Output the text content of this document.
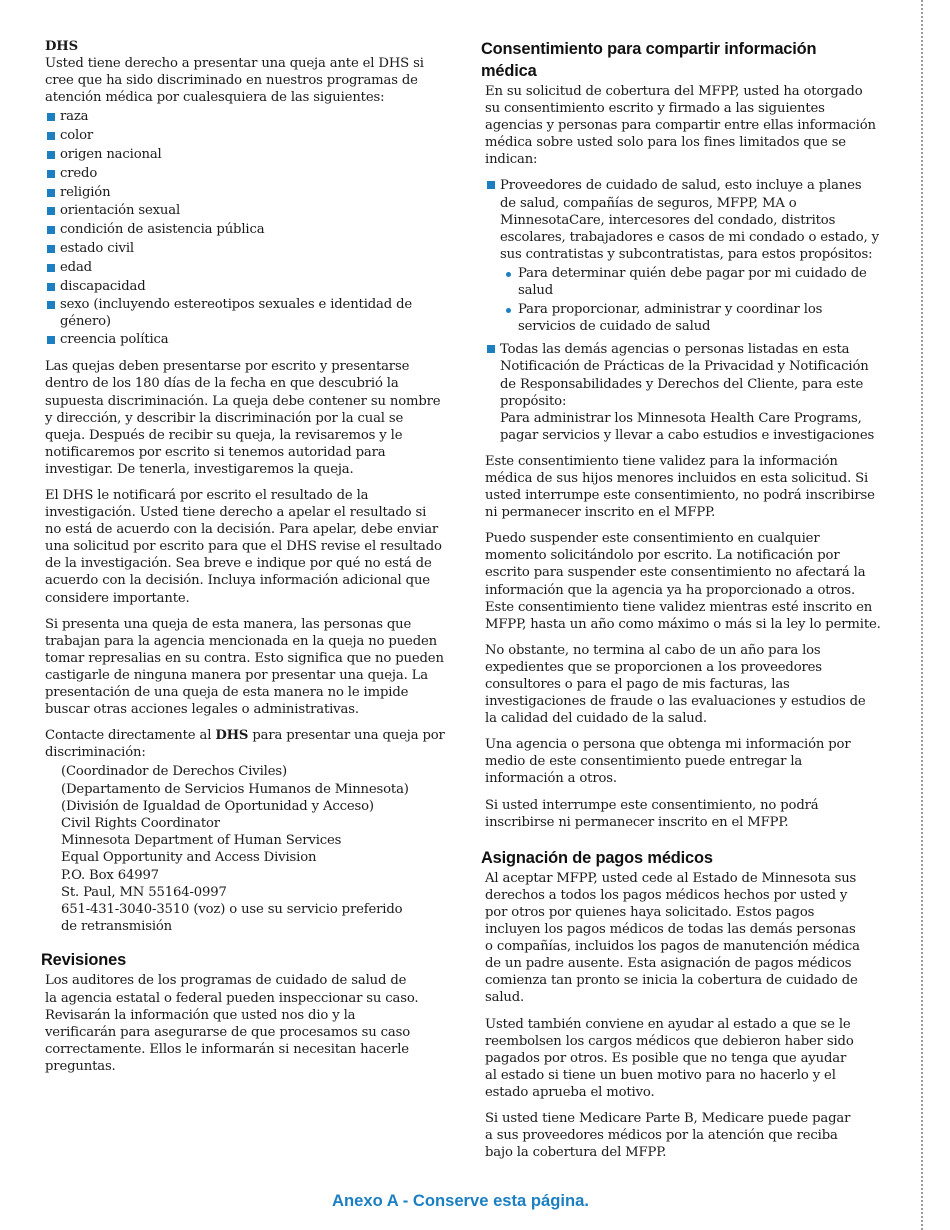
DHS

Usted tiene derecho a presentar una queja ante el DHS si cree que ha sido discriminado en nuestros programas de atención médica por cualesquiera de las siguientes:

raza
color
origen nacional
credo
religión
orientación sexual
condición de asistencia pública
estado civil
edad
discapacidad
sexo (incluyendo estereotipos sexuales e identidad de género)
creencia política

Las quejas deben presentarse por escrito y presentarse dentro de los 180 días de la fecha en que descubrió la supuesta discriminación. La queja debe contener su nombre y dirección, y describir la discriminación por la cual se queja. Después de recibir su queja, la revisaremos y le notificaremos por escrito si tenemos autoridad para investigar. De tenerla, investigaremos la queja.

El DHS le notificará por escrito el resultado de la investigación. Usted tiene derecho a apelar el resultado si no está de acuerdo con la decisión. Para apelar, debe enviar una solicitud por escrito para que el DHS revise el resultado de la investigación. Sea breve e indique por qué no está de acuerdo con la decisión. Incluya información adicional que considere importante.

Si presenta una queja de esta manera, las personas que trabajan para la agencia mencionada en la queja no pueden tomar represalias en su contra. Esto significa que no pueden castigarle de ninguna manera por presentar una queja. La presentación de una queja de esta manera no le impide buscar otras acciones legales o administrativas.

Contacte directamente al DHS para presentar una queja por discriminación:

(Coordinador de Derechos Civiles)
(Departamento de Servicios Humanos de Minnesota)
(División de Igualdad de Oportunidad y Acceso)
Civil Rights Coordinator
Minnesota Department of Human Services
Equal Opportunity and Access Division
P.O. Box 64997
St. Paul, MN 55164-0997
651-431-3040-3510 (voz) o use su servicio preferido de retransmisión
Revisiones

Los auditores de los programas de cuidado de salud de la agencia estatal o federal pueden inspeccionar su caso. Revisarán la información que usted nos dio y la verificarán para asegurarse de que procesamos su caso correctamente. Ellos le informarán si necesitan hacerle preguntas.

Consentimiento para compartir información médica

En su solicitud de cobertura del MFPP, usted ha otorgado su consentimiento escrito y firmado a las siguientes agencias y personas para compartir entre ellas información médica sobre usted solo para los fines limitados que se indican:

Proveedores de cuidado de salud, esto incluye a planes de salud, compañías de seguros, MFPP, MA o MinnesotaCare, intercesores del condado, distritos escolares, trabajadores e casos de mi condado o estado, y sus contratistas y subcontratistas, para estos propósitos:
Para determinar quién debe pagar por mi cuidado de salud
Para proporcionar, administrar y coordinar los servicios de cuidado de salud
Todas las demás agencias o personas listadas en esta Notificación de Prácticas de la Privacidad y Notificación de Responsabilidades y Derechos del Cliente, para este propósito:
Para administrar los Minnesota Health Care Programs, pagar servicios y llevar a cabo estudios e investigaciones

Este consentimiento tiene validez para la información médica de sus hijos menores incluidos en esta solicitud. Si usted interrumpe este consentimiento, no podrá inscribirse ni permanecer inscrito en el MFPP.

Puedo suspender este consentimiento en cualquier momento solicitándolo por escrito. La notificación por escrito para suspender este consentimiento no afectará la información que la agencia ya ha proporcionado a otros. Este consentimiento tiene validez mientras esté inscrito en MFPP, hasta un año como máximo o más si la ley lo permite.

No obstante, no termina al cabo de un año para los expedientes que se proporcionen a los proveedores consultores o para el pago de mis facturas, las investigaciones de fraude o las evaluaciones y estudios de la calidad del cuidado de la salud.

Una agencia o persona que obtenga mi información por medio de este consentimiento puede entregar la información a otros.

Si usted interrumpe este consentimiento, no podrá inscribirse ni permanecer inscrito en el MFPP.

Asignación de pagos médicos

Al aceptar MFPP, usted cede al Estado de Minnesota sus derechos a todos los pagos médicos hechos por usted y por otros por quienes haya solicitado. Estos pagos incluyen los pagos médicos de todas las demás personas o compañías, incluidos los pagos de manutención médica de un padre ausente. Esta asignación de pagos médicos comienza tan pronto se inicia la cobertura de cuidado de salud.

Usted también conviene en ayudar al estado a que se le reembolsen los cargos médicos que debieron haber sido pagados por otros. Es posible que no tenga que ayudar al estado si tiene un buen motivo para no hacerlo y el estado aprueba el motivo.

Si usted tiene Medicare Parte B, Medicare puede pagar a sus proveedores médicos por la atención que reciba bajo la cobertura del MFPP.

Anexo A - Conserve esta página.
